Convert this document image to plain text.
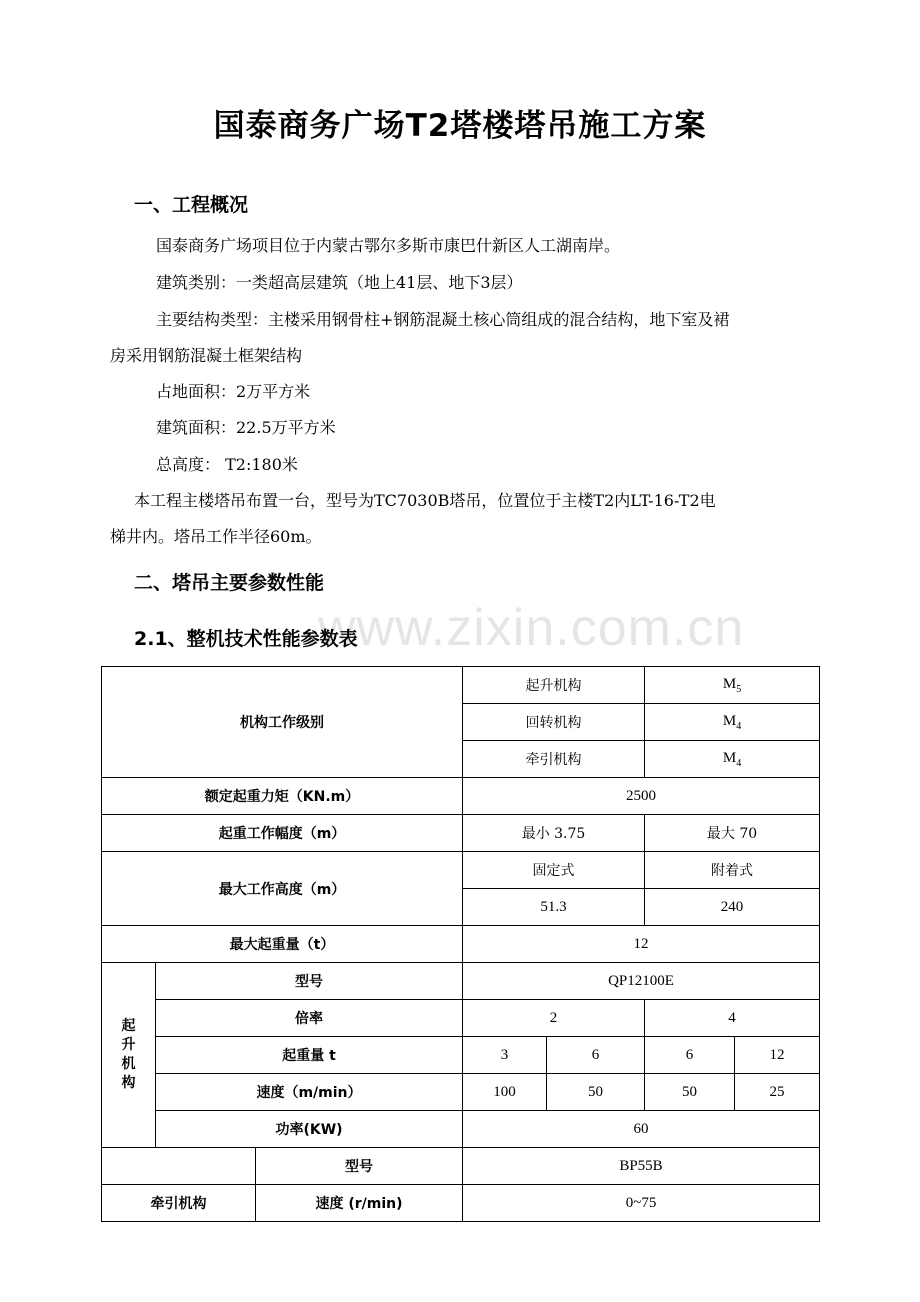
国泰商务广场T2塔楼塔吊施工方案
一、工程概况
国泰商务广场项目位于内蒙古鄂尔多斯市康巴什新区人工湖南岸。
建筑类别：一类超高层建筑（地上41层、地下3层）
主要结构类型：主楼采用钢骨柱+钢筋混凝土核心筒组成的混合结构，地下室及裙
房采用钢筋混凝土框架结构
占地面积：2万平方米
建筑面积：22.5万平方米
总高度： T2:180米
本工程主楼塔吊布置一台，型号为TC7030B塔吊，位置位于主楼T2内LT-16-T2电
梯井内。塔吊工作半径60m。
二、塔吊主要参数性能
2.1、整机技术性能参数表
www.zixin.com.cn
机构工作级别			起升机构		$M_5$
			回转机构		$M_4$
			牵引机构		$M_4$
额定起重力矩（KN.m）			2500			
起重工作幅度（m）			最小 3.75		最大 70	
最大工作高度（m）			固定式		附着式	
			51.3		240	
最大起重量（t）			12			
起
升
机
构	型号		QP12100E			
	倍率		2		4	
	起重量 t		3	6	6	12
	速度（m/min）		100	50	50	25
	功率(KW)		60			
		型号	BP55B			
牵引机构		速度 (r/min)	0~75			
